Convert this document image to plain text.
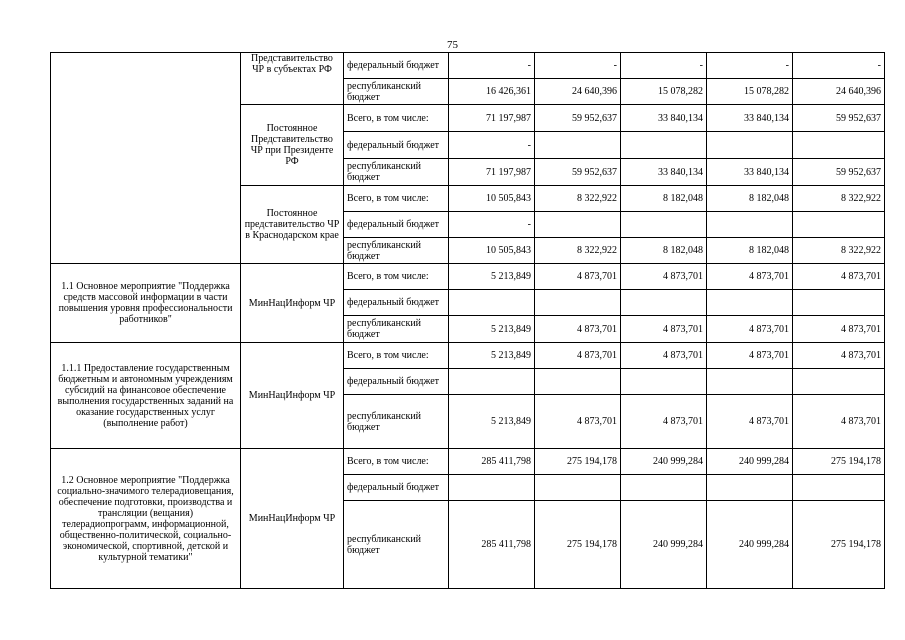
75
	Представительство ЧР в субъектах РФ	федеральный бюджет	-	-	-	-	-
		республиканский бюджет	16 426,361	24 640,396	15 078,282	15 078,282	24 640,396
	Постоянное Представительство ЧР при Президенте РФ	Всего, в том числе:	71 197,987	59 952,637	33 840,134	33 840,134	59 952,637
		федеральный бюджет	-				
		республиканский бюджет	71 197,987	59 952,637	33 840,134	33 840,134	59 952,637
	Постоянное представительство ЧР в Краснодарском крае	Всего, в том числе:	10 505,843	8 322,922	8 182,048	8 182,048	8 322,922
		федеральный бюджет	-				
		республиканский бюджет	10 505,843	8 322,922	8 182,048	8 182,048	8 322,922
1.1 Основное мероприятие "Поддержка средств массовой информации в части повышения уровня профессиональности работников"	МинНацИнформ ЧР	Всего, в том числе:	5 213,849	4 873,701	4 873,701	4 873,701	4 873,701
		федеральный бюджет					
		республиканский бюджет	5 213,849	4 873,701	4 873,701	4 873,701	4 873,701
1.1.1 Предоставление государственным бюджетным и автономным учреждениям субсидий на финансовое обеспечение выполнения государственных заданий на оказание государственных услуг (выполнение работ)	МинНацИнформ ЧР	Всего, в том числе:	5 213,849	4 873,701	4 873,701	4 873,701	4 873,701
		федеральный бюджет					
		республиканский бюджет	5 213,849	4 873,701	4 873,701	4 873,701	4 873,701
1.2 Основное мероприятие "Поддержка социально-значимого телерадиовещания, обеспечение подготовки, производства и трансляции (вещания) телерадиопрограмм, информационной, общественно-политической, социально-экономической, спортивной, детской и культурной тематики"	МинНацИнформ ЧР	Всего, в том числе:	285 411,798	275 194,178	240 999,284	240 999,284	275 194,178
		федеральный бюджет					
		республиканский бюджет	285 411,798	275 194,178	240 999,284	240 999,284	275 194,178
